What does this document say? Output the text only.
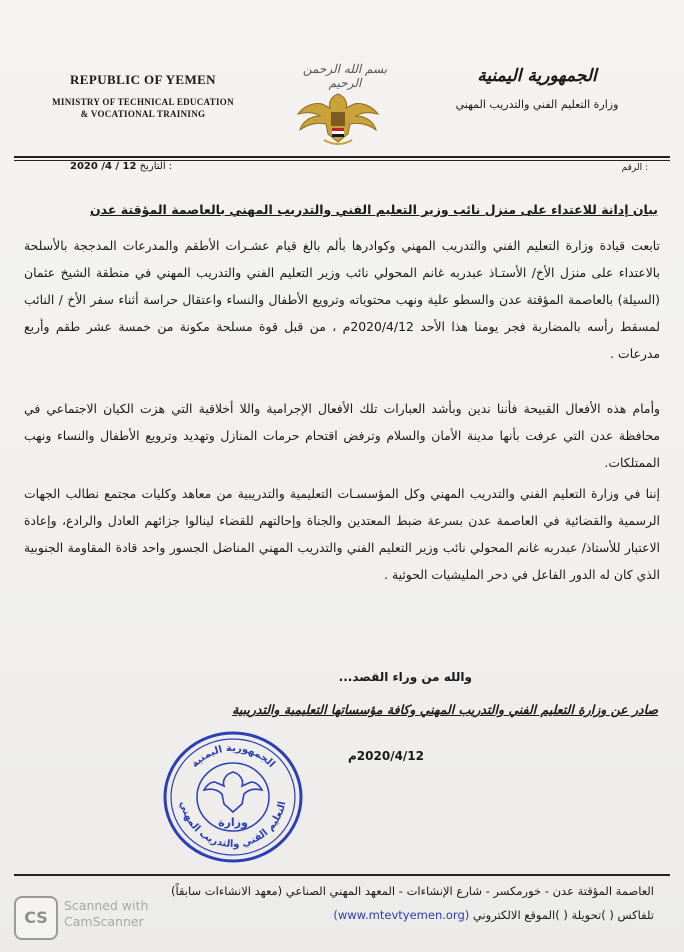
REPUBLIC OF YEMEN
MINISTRY OF TECHNICAL EDUCATION
& VOCATIONAL TRAINING
بسم الله الرحمن الرحيم	الجمهورية اليمنية
وزارة التعليم الفني والتدريب المهني
2020 /4 / 12 التاريخ :	الرقم :
بيان إدانة للاعتداء على منزل نائب وزير التعليم الفني والتدريب المهني بالعاصمة المؤقتة عدن
تابعت قيادة وزارة التعليم الفني والتدريب المهني وكوادرها بألم بالغ قيام عشـرات الأطقم والمدرعات المدججة بالأسلحة بالاعتداء على منزل الأخ/ الأستـاذ عبدربه غانم المحولي نائب وزير التعليم الفني والتدريب المهني في منطقة الشيخ عثمان (السيلة) بالعاصمة المؤقتة عدن والسطو علية ونهب محتوياته وترويع الأطفال والنساء واعتقال حراسة أثناء سفر الأخ / النائب لمسقط رأسه بالمضاربة فجر يومنا هذا الأحد 2020/4/12م ، من قبل قوة مسلحة مكونة من خمسة عشر طقم وأربع مدرعات .
وأمام هذه الأفعال القبيحة فأننا ندين وبأشد العبارات تلك الأفعال الإجرامية واللا أخلاقية التي هزت الكيان الاجتماعي في محافظة عدن التي عرفت بأنها مدينة الأمان والسلام وترفض اقتحام حرمات المنازل وتهديد وترويع الأطفال والنساء ونهب الممتلكات.
إننا في وزارة التعليم الفني والتدريب المهني وكل المؤسسـات التعليمية والتدريبية من معاهد وكليات مجتمع نطالب الجهات الرسمية والقضائية في العاصمة عدن بسرعة ضبط المعتدين والجناة وإحالتهم للقضاء لينالوا جزائهم العادل والرادع، وإعادة الاعتبار للأستاذ/ عبدربه غانم المحولي نائب وزير التعليم الفني والتدريب المهني المناضل الجسور واحد قادة المقاومة الجنوبية الذي كان له الدور الفاعل في دحر المليشيات الحوثية .
والله من وراء القصد...
صادر عن وزارة التعليم الفني والتدريب المهني وكافة مؤسساتها التعليمية والتدريبية
2020/4/12م
الجمهورية اليمنية
التعليم الفني والتدريب المهني
وزارة
العاصمة المؤقتة عدن - خورمكسر - شارع الإنشاءات - المعهد المهني الصناعي (معهد الانشاءات سابقاً)
تلفاكس ( )تحويلة ( )الموقع الالكتروني (www.mtevtyemen.org)
CS
Scanned with
CamScanner
